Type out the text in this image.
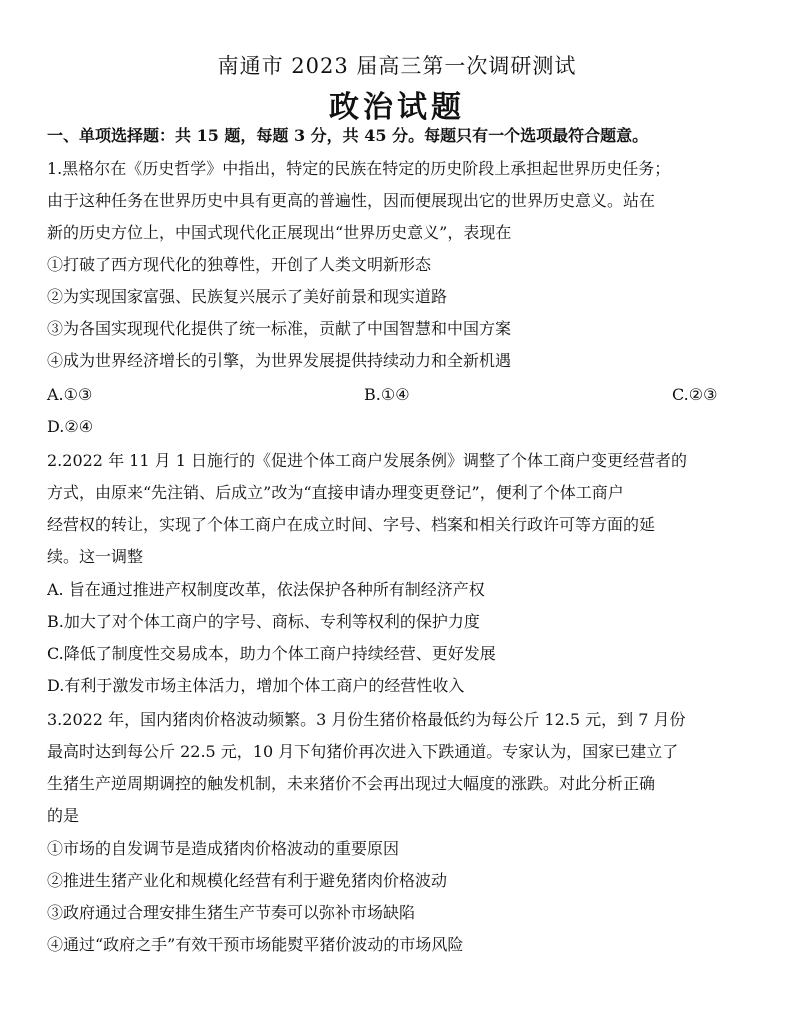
南通市 2023 届高三第一次调研测试
政治试题
一、单项选择题：共 15 题，每题 3 分，共 45 分。每题只有一个选项最符合题意。
1.黑格尔在《历史哲学》中指出，特定的民族在特定的历史阶段上承担起世界历史任务；
由于这种任务在世界历史中具有更高的普遍性，因而便展现出它的世界历史意义。站在
新的历史方位上，中国式现代化正展现出“世界历史意义”，表现在
①打破了西方现代化的独尊性，开创了人类文明新形态
②为实现国家富强、民族复兴展示了美好前景和现实道路
③为各国实现现代化提供了统一标准，贡献了中国智慧和中国方案
④成为世界经济增长的引擎，为世界发展提供持续动力和全新机遇
A.①③	B.①④	C.②③
D.②④
2.2022 年 11 月 1 日施行的《促进个体工商户发展条例》调整了个体工商户变更经营者的
方式，由原来“先注销、后成立”改为“直接申请办理变更登记”，便利了个体工商户
经营权的转让，实现了个体工商户在成立时间、字号、档案和相关行政许可等方面的延
续。这一调整
A. 旨在通过推进产权制度改革，依法保护各种所有制经济产权
B.加大了对个体工商户的字号、商标、专利等权利的保护力度
C.降低了制度性交易成本，助力个体工商户持续经营、更好发展
D.有利于激发市场主体活力，增加个体工商户的经营性收入
3.2022 年，国内猪肉价格波动频繁。3 月份生猪价格最低约为每公斤 12.5 元，到 7 月份
最高时达到每公斤 22.5 元，10 月下旬猪价再次进入下跌通道。专家认为，国家已建立了
生猪生产逆周期调控的触发机制，未来猪价不会再出现过大幅度的涨跌。对此分析正确
的是
①市场的自发调节是造成猪肉价格波动的重要原因
②推进生猪产业化和规模化经营有利于避免猪肉价格波动
③政府通过合理安排生猪生产节奏可以弥补市场缺陷
④通过“政府之手”有效干预市场能熨平猪价波动的市场风险
